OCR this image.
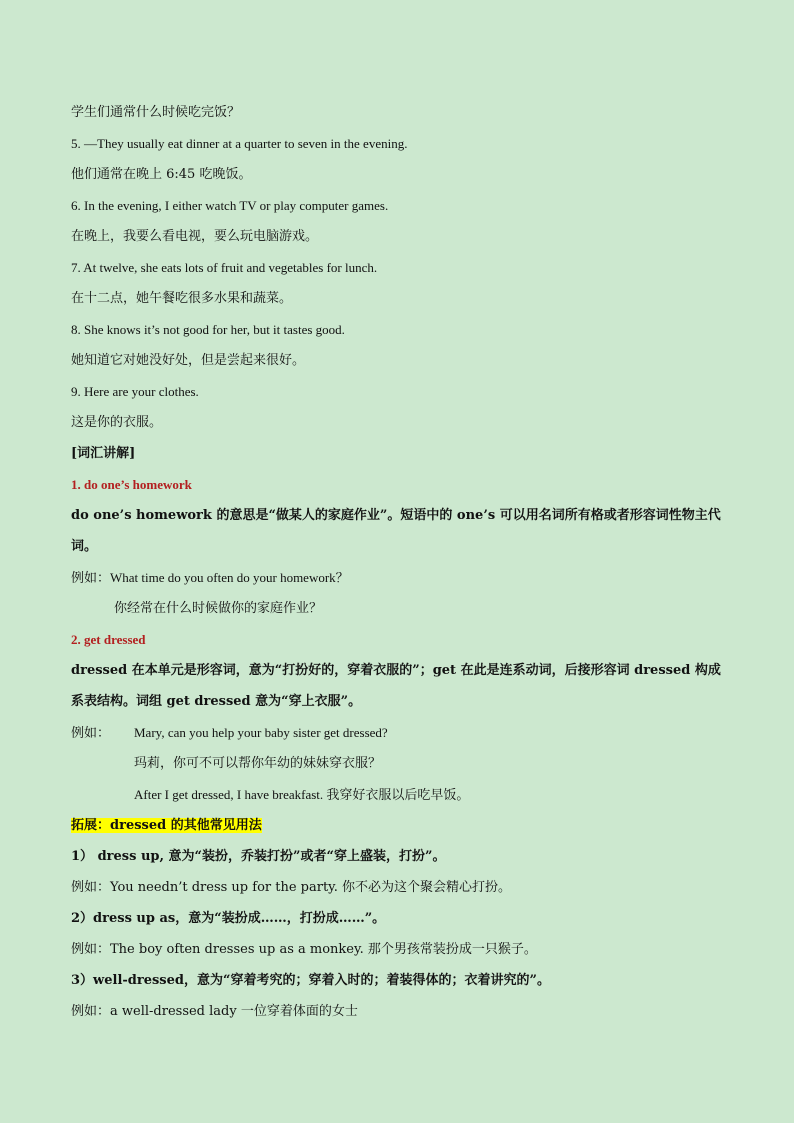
学生们通常什么时候吃完饭？
5. —They usually eat dinner at a quarter to seven in the evening.
他们通常在晚上 6:45 吃晚饭。
6. In the evening, I either watch TV or play computer games.
在晚上，我要么看电视，要么玩电脑游戏。
7. At twelve, she eats lots of fruit and vegetables for lunch.
在十二点，她午餐吃很多水果和蔬菜。
8. She knows it’s not good for her, but it tastes good.
她知道它对她没好处，但是尝起来很好。
9. Here are your clothes.
这是你的衣服。
[词汇讲解]
1. do one’s homework
do one’s homework 的意思是“做某人的家庭作业”。短语中的 one’s 可以用名词所有格或者形容词性物主代
词。
例如：What time do you often do your homework？
你经常在什么时候做你的家庭作业？
2. get dressed
dressed 在本单元是形容词，意为“打扮好的，穿着衣服的”；get 在此是连系动词，后接形容词 dressed 构成
系表结构。词组 get dressed 意为“穿上衣服”。
例如： Mary, can you help your baby sister get dressed?
玛莉，你可不可以帮你年幼的妹妹穿衣服？
After I get dressed, I have breakfast. 我穿好衣服以后吃早饭。
拓展：dressed 的其他常见用法
1） dress up, 意为“装扮，乔装打扮”或者“穿上盛装，打扮”。
例如：You needn’t dress up for the party. 你不必为这个聚会精心打扮。
2）dress up as，意为“装扮成……，打扮成……”。
例如：The boy often dresses up as a monkey. 那个男孩常装扮成一只猴子。
3）well-dressed，意为“穿着考究的；穿着入时的；着装得体的；衣着讲究的”。
例如：a well-dressed lady 一位穿着体面的女士
